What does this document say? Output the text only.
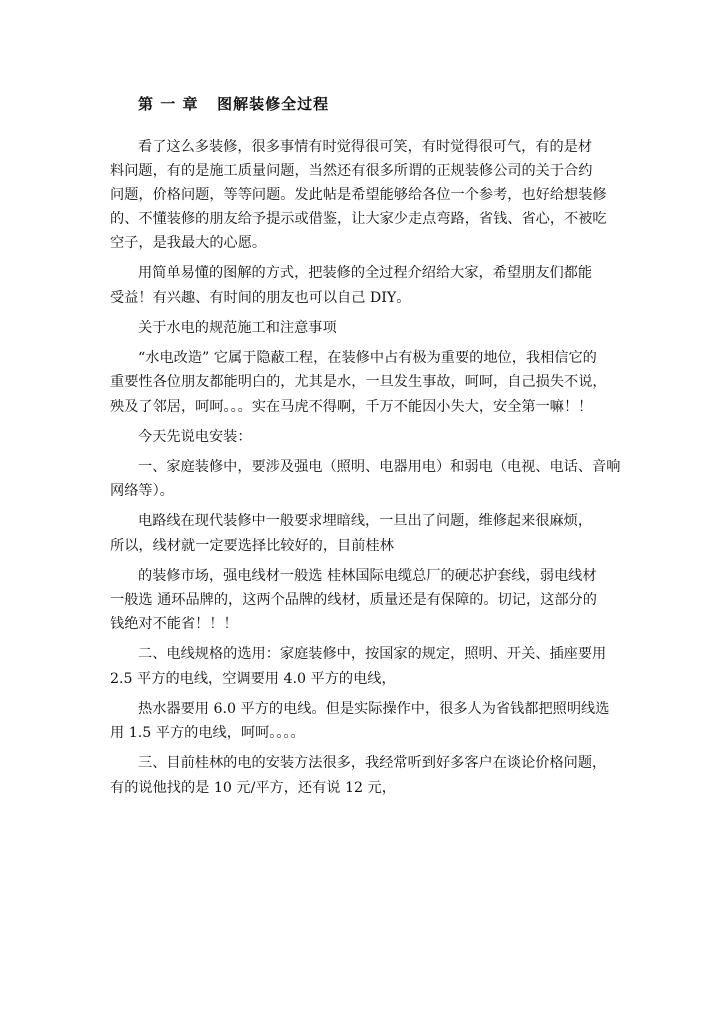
第 一 章   图解装修全过程
看了这么多装修，很多事情有时觉得很可笑，有时觉得很可气，有的是材
料问题，有的是施工质量问题，当然还有很多所谓的正规装修公司的关于合约
问题，价格问题，等等问题。发此帖是希望能够给各位一个参考，也好给想装修
的、不懂装修的朋友给予提示或借鉴，让大家少走点弯路，省钱、省心，不被吃
空子，是我最大的心愿。
用简单易懂的图解的方式，把装修的全过程介绍给大家，希望朋友们都能
受益！有兴趣、有时间的朋友也可以自己 DIY。
关于水电的规范施工和注意事项
“水电改造” 它属于隐蔽工程，在装修中占有极为重要的地位，我相信它的
重要性各位朋友都能明白的，尤其是水，一旦发生事故，呵呵，自己损失不说，
殃及了邻居，呵呵。。。实在马虎不得啊，千万不能因小失大，安全第一嘛！！
今天先说电安装：
一、家庭装修中，要涉及强电（照明、电器用电）和弱电（电视、电话、音响
网络等）。
电路线在现代装修中一般要求埋暗线，一旦出了问题，维修起来很麻烦，
所以，线材就一定要选择比较好的，目前桂林
的装修市场，强电线材一般选 桂林国际电缆总厂的硬芯护套线，弱电线材
一般选 通环品牌的，这两个品牌的线材，质量还是有保障的。切记，这部分的
钱绝对不能省！！！
二、电线规格的选用：家庭装修中，按国家的规定，照明、开关、插座要用
2.5 平方的电线，空调要用 4.0 平方的电线，
热水器要用 6.0 平方的电线。但是实际操作中，很多人为省钱都把照明线选
用 1.5 平方的电线，呵呵。。。。
三、目前桂林的电的安装方法很多，我经常听到好多客户在谈论价格问题，
有的说他找的是 10 元/平方，还有说 12 元，
